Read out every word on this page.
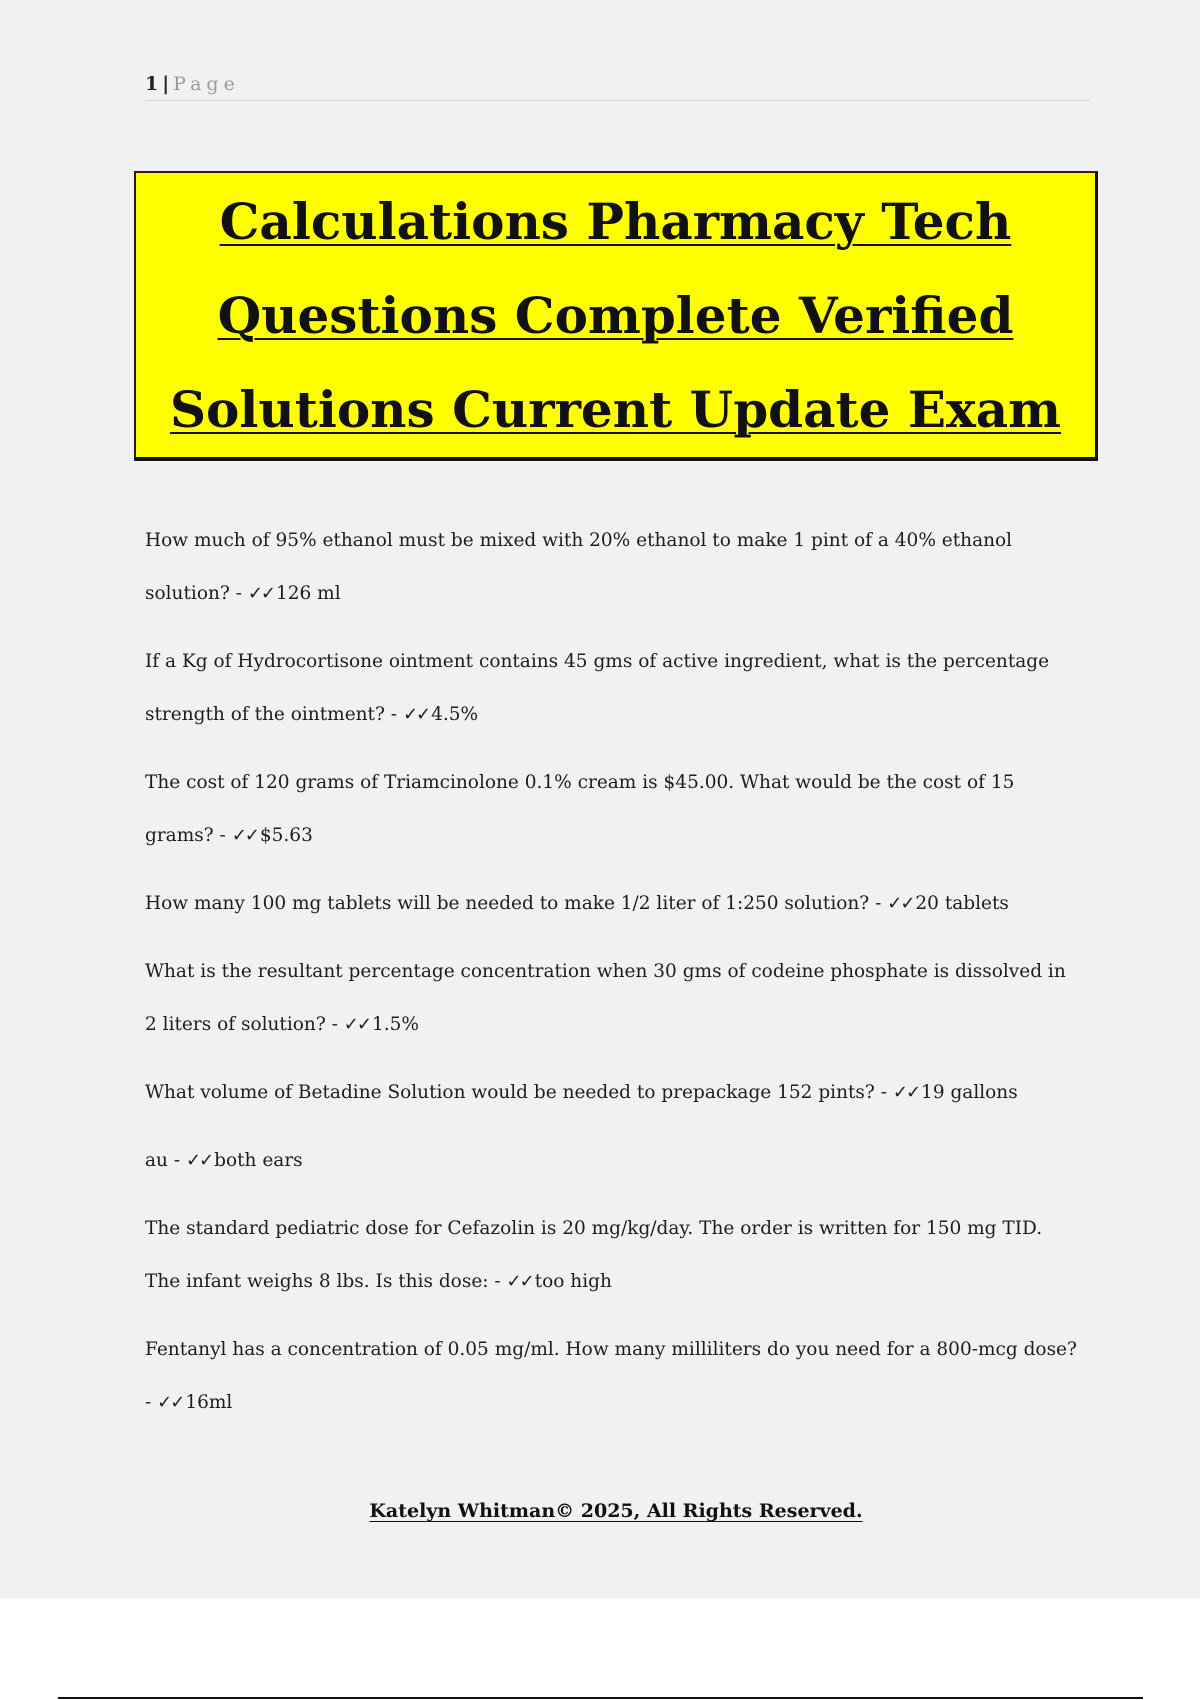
1 | Page
Calculations Pharmacy Tech
Questions Complete Verified
Solutions Current Update Exam

How much of 95% ethanol must be mixed with 20% ethanol to make 1 pint of a 40% ethanol solution? - ✓✓ 126 ml

If a Kg of Hydrocortisone ointment contains 45 gms of active ingredient, what is the percentage strength of the ointment? - ✓✓ 4.5%

The cost of 120 grams of Triamcinolone 0.1% cream is $45.00. What would be the cost of 15 grams? - ✓✓ $5.63

How many 100 mg tablets will be needed to make 1/2 liter of 1:250 solution? - ✓✓ 20 tablets

What is the resultant percentage concentration when 30 gms of codeine phosphate is dissolved in 2 liters of solution? - ✓✓ 1.5%

What volume of Betadine Solution would be needed to prepackage 152 pints? - ✓✓ 19 gallons

au - ✓✓ both ears

The standard pediatric dose for Cefazolin is 20 mg/kg/day. The order is written for 150 mg TID. The infant weighs 8 lbs. Is this dose: - ✓✓ too high

Fentanyl has a concentration of 0.05 mg/ml. How many milliliters do you need for a 800-mcg dose? - ✓✓ 16ml

Katelyn Whitman© 2025, All Rights Reserved.
